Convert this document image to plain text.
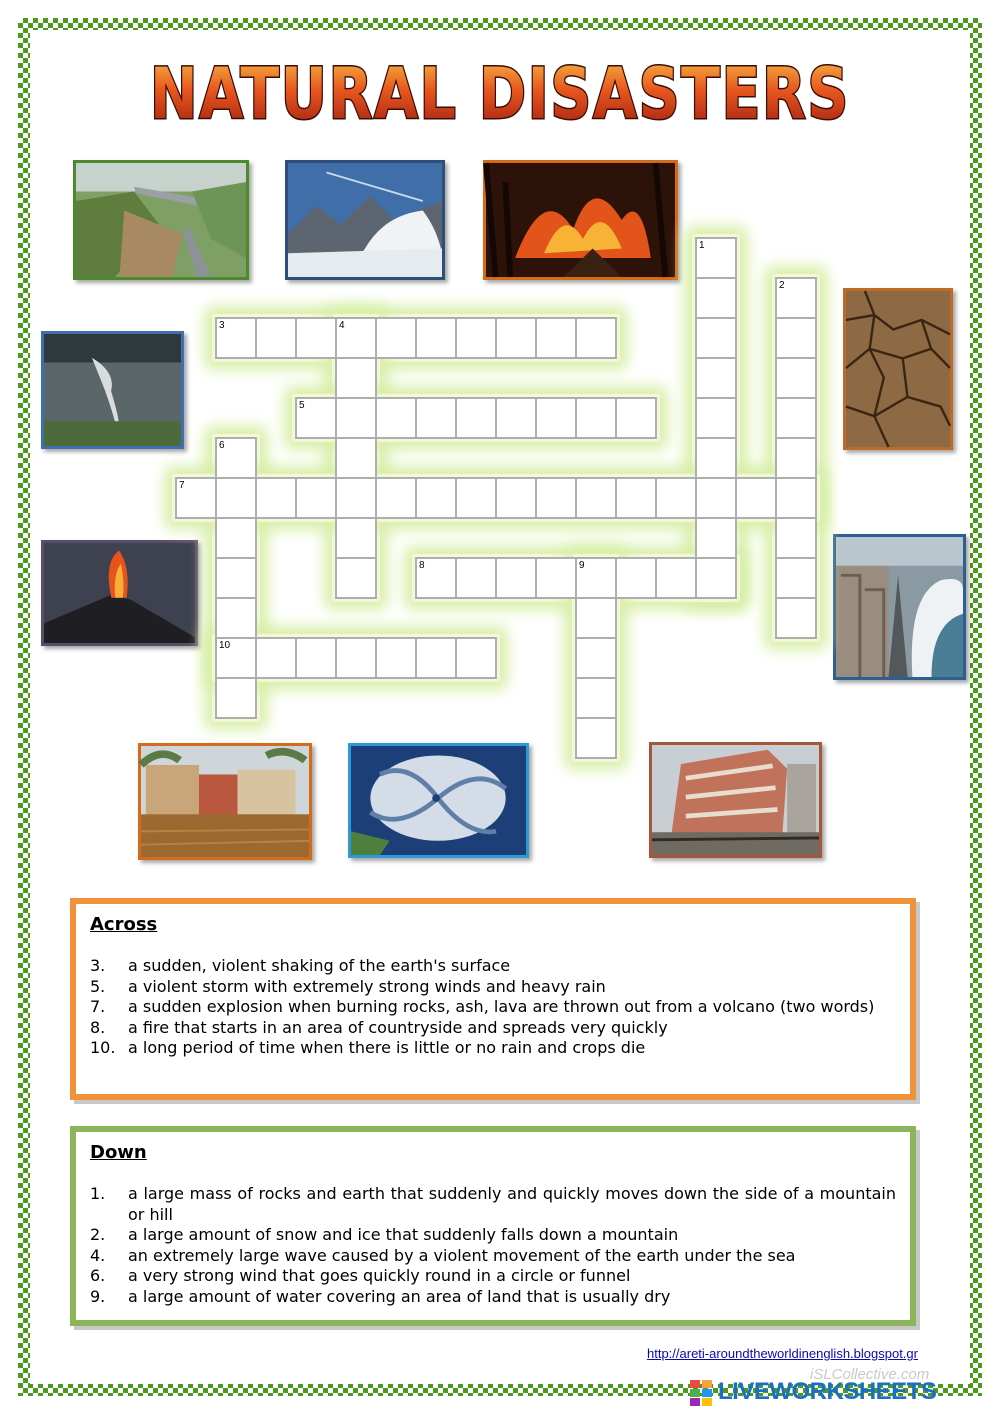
NATURAL DISASTERS
1
2
3	4
5
6
10
7
8	9
Across
3. a sudden, violent shaking of the earth's surface
5. a violent storm with extremely strong winds and heavy rain
7. a sudden explosion when burning rocks, ash, lava are thrown out from a volcano (two words)
8. a fire that starts in an area of countryside and spreads very quickly
10. a long period of time when there is little or no rain and crops die
Down
1. a large mass of rocks and earth that suddenly and quickly moves down the side of a mountain or hill
2. a large amount of snow and ice that suddenly falls down a mountain
4. an extremely large wave caused by a violent movement of the earth under the sea
6. a very strong wind that goes quickly round in a circle or funnel
9. a large amount of water covering an area of land that is usually dry
http://areti-aroundtheworldinenglish.blogspot.gr
iSLCollective.com
LIVEWORKSHEETS
